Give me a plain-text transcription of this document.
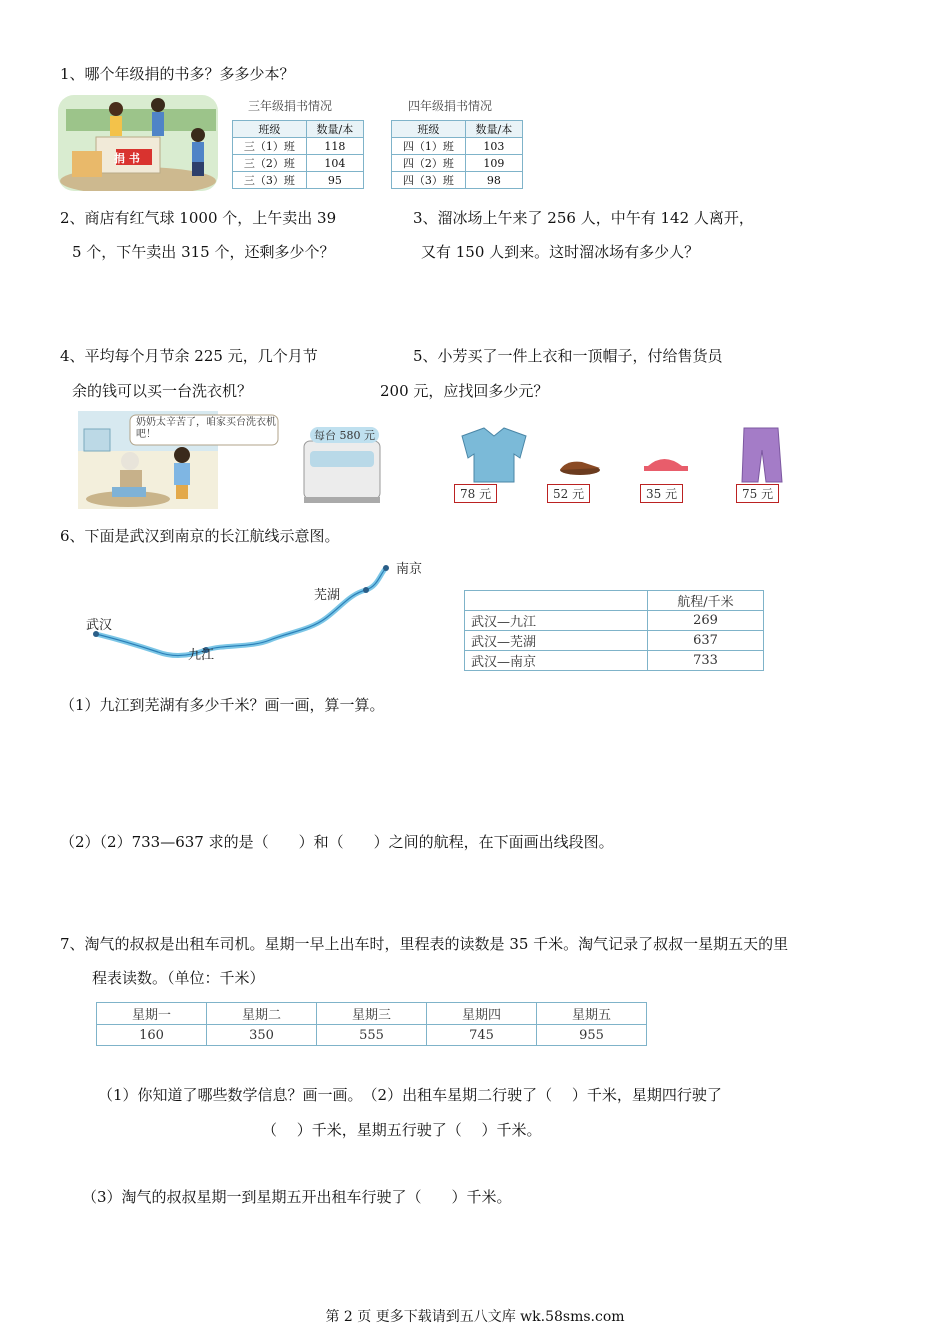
1、哪个年级捐的书多？多多少本？
捐 书
三年级捐书情况
班级	数量/本
三（1）班	118
三（2）班	104
三（3）班	95
四年级捐书情况
班级	数量/本
四（1）班	103
四（2）班	109
四（3）班	98
2、商店有红气球 1000 个，上午卖出 39
5 个，下午卖出 315 个，还剩多少个？
3、溜冰场上午来了 256 人，中午有 142 人离开，
又有 150 人到来。这时溜冰场有多少人？
4、平均每个月节余 225 元，几个月节
余的钱可以买一台洗衣机？
5、小芳买了一件上衣和一顶帽子，付给售货员
200 元，应找回多少元？
奶奶太辛苦了，咱家买台洗衣机吧！	每台 580 元
78 元	52 元	35 元	75 元
6、下面是武汉到南京的长江航线示意图。
武汉
九江
芜湖
南京
	航程/千米
武汉—九江	269
武汉—芜湖	637
武汉—南京	733
（1）九江到芜湖有多少千米？画一画，算一算。
（2）（2）733—637 求的是（　　）和（　　）之间的航程，在下面画出线段图。
7、淘气的叔叔是出租车司机。星期一早上出车时，里程表的读数是 35 千米。淘气记录了叔叔一星期五天的里
程表读数。（单位：千米）
星期一	星期二	星期三	星期四	星期五
160	350	555	745	955
（1）你知道了哪些数学信息？画一画。　（2）出租车星期二行驶了（　 ）千米，星期四行驶了
（　 ）千米，星期五行驶了（　 ）千米。
（3）淘气的叔叔星期一到星期五开出租车行驶了（　　）千米。
第 2 页 更多下载请到五八文库 wk.58sms.com
